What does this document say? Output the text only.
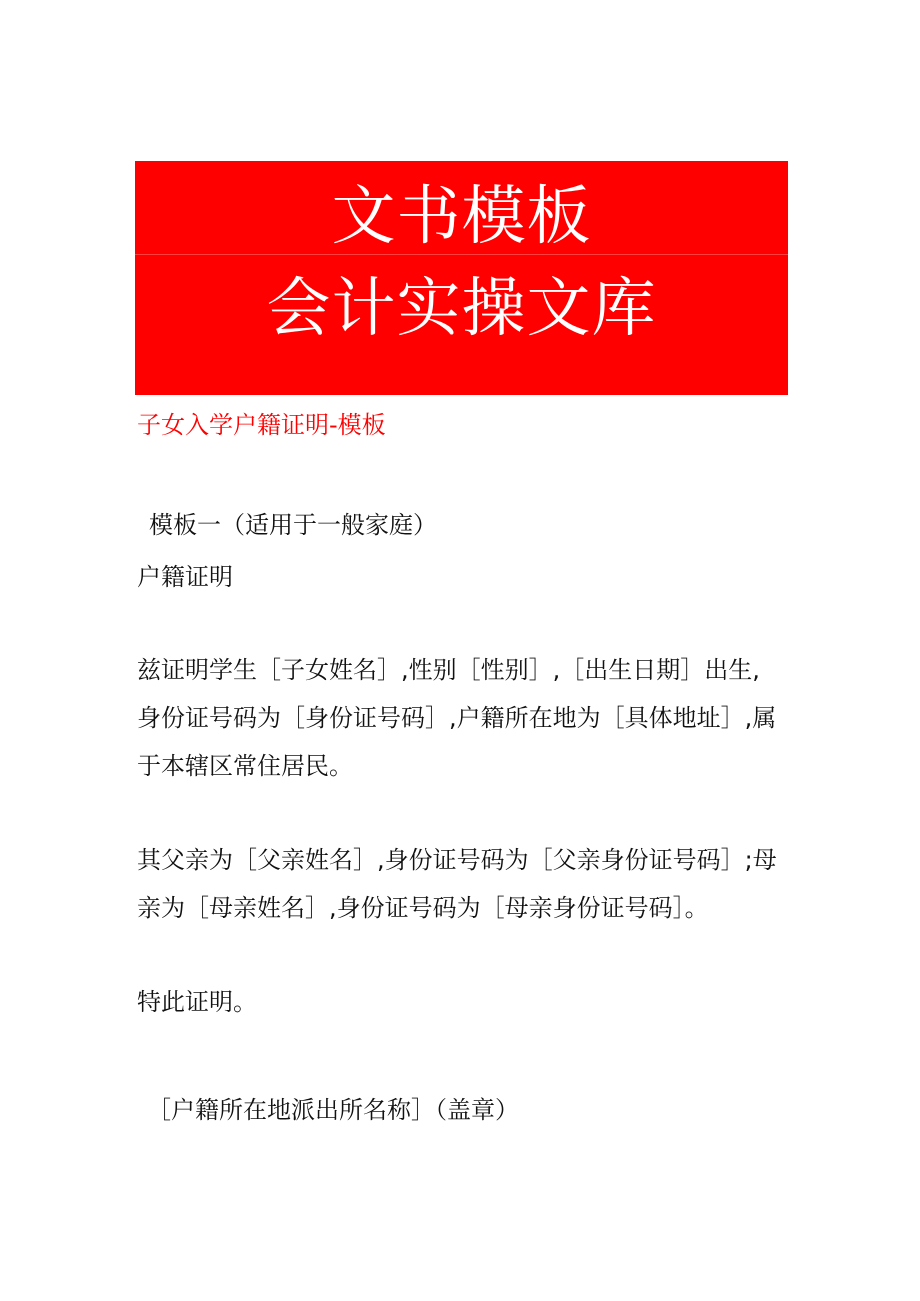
文书模板
会计实操文库
子女入学户籍证明-模板
模板一（适用于一般家庭）
户籍证明
兹证明学生［子女姓名］,性别［性别］,［出生日期］出生,
身份证号码为［身份证号码］,户籍所在地为［具体地址］,属
于本辖区常住居民。
其父亲为［父亲姓名］,身份证号码为［父亲身份证号码］;母
亲为［母亲姓名］,身份证号码为［母亲身份证号码］。
特此证明。
［户籍所在地派出所名称］（盖章）
